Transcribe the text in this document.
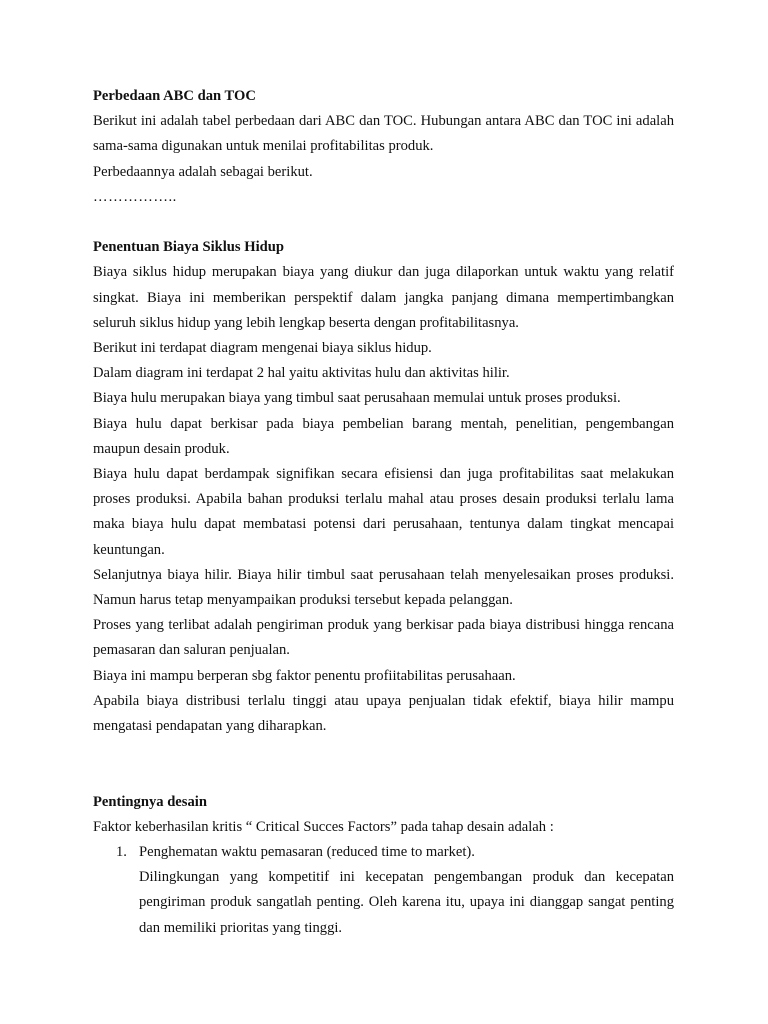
Perbedaan ABC dan TOC

Berikut ini adalah tabel perbedaan dari ABC dan TOC. Hubungan antara ABC dan TOC ini adalah sama-sama digunakan untuk menilai profitabilitas produk.

Perbedaannya adalah sebagai berikut.

……………..

Penentuan Biaya Siklus Hidup

Biaya siklus hidup merupakan biaya yang diukur dan juga dilaporkan untuk waktu yang relatif singkat. Biaya ini memberikan perspektif dalam jangka panjang dimana mempertimbangkan seluruh siklus hidup yang lebih lengkap beserta dengan profitabilitasnya.

Berikut ini terdapat diagram mengenai biaya siklus hidup.

Dalam diagram ini terdapat 2 hal yaitu aktivitas hulu dan aktivitas hilir.

Biaya hulu merupakan biaya yang timbul saat perusahaan memulai untuk proses produksi.

Biaya hulu dapat berkisar pada biaya pembelian barang mentah, penelitian, pengembangan maupun desain produk.

Biaya hulu dapat berdampak signifikan secara efisiensi dan juga profitabilitas saat melakukan proses produksi. Apabila bahan produksi terlalu mahal atau proses desain produksi terlalu lama maka biaya hulu dapat membatasi potensi dari perusahaan, tentunya dalam tingkat mencapai keuntungan.

Selanjutnya biaya hilir. Biaya hilir timbul saat perusahaan telah menyelesaikan proses produksi. Namun harus tetap menyampaikan produksi tersebut kepada pelanggan.

Proses yang terlibat adalah pengiriman produk yang berkisar pada biaya distribusi hingga rencana pemasaran dan saluran penjualan.

Biaya ini mampu berperan sbg faktor penentu profiitabilitas perusahaan.

Apabila biaya distribusi terlalu tinggi atau upaya penjualan tidak efektif, biaya hilir mampu mengatasi pendapatan yang diharapkan.

Pentingnya desain

Faktor keberhasilan kritis “ Critical Succes Factors” pada tahap desain adalah :

1. Penghematan waktu pemasaran (reduced time to market).

Dilingkungan yang kompetitif ini kecepatan pengembangan produk dan kecepatan pengiriman produk sangatlah penting. Oleh karena itu, upaya ini dianggap sangat penting dan memiliki prioritas yang tinggi.
